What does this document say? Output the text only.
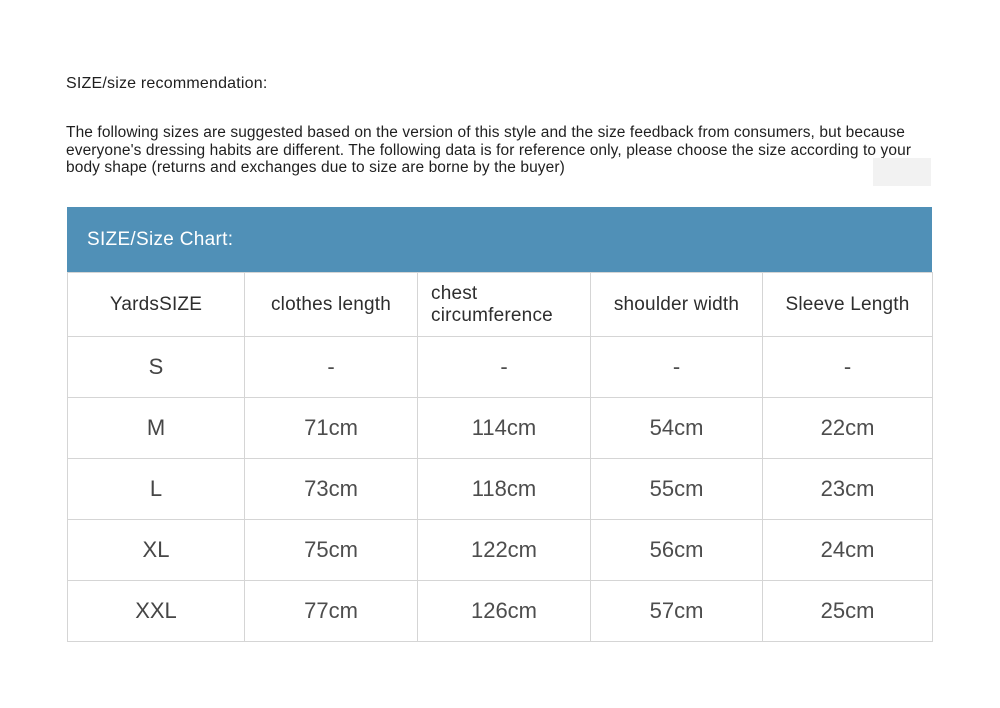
SIZE/size recommendation:
The following sizes are suggested based on the version of this style and the size feedback from consumers, but because everyone's dressing habits are different. The following data is for reference only, please choose the size according to your body shape (returns and exchanges due to size are borne by the buyer)
SIZE/Size Chart:
YardsSIZE	clothes length	chest circumference	shoulder width	Sleeve Length
S	-	-	-	-
M	71cm	114cm	54cm	22cm
L	73cm	118cm	55cm	23cm
XL	75cm	122cm	56cm	24cm
XXL	77cm	126cm	57cm	25cm
